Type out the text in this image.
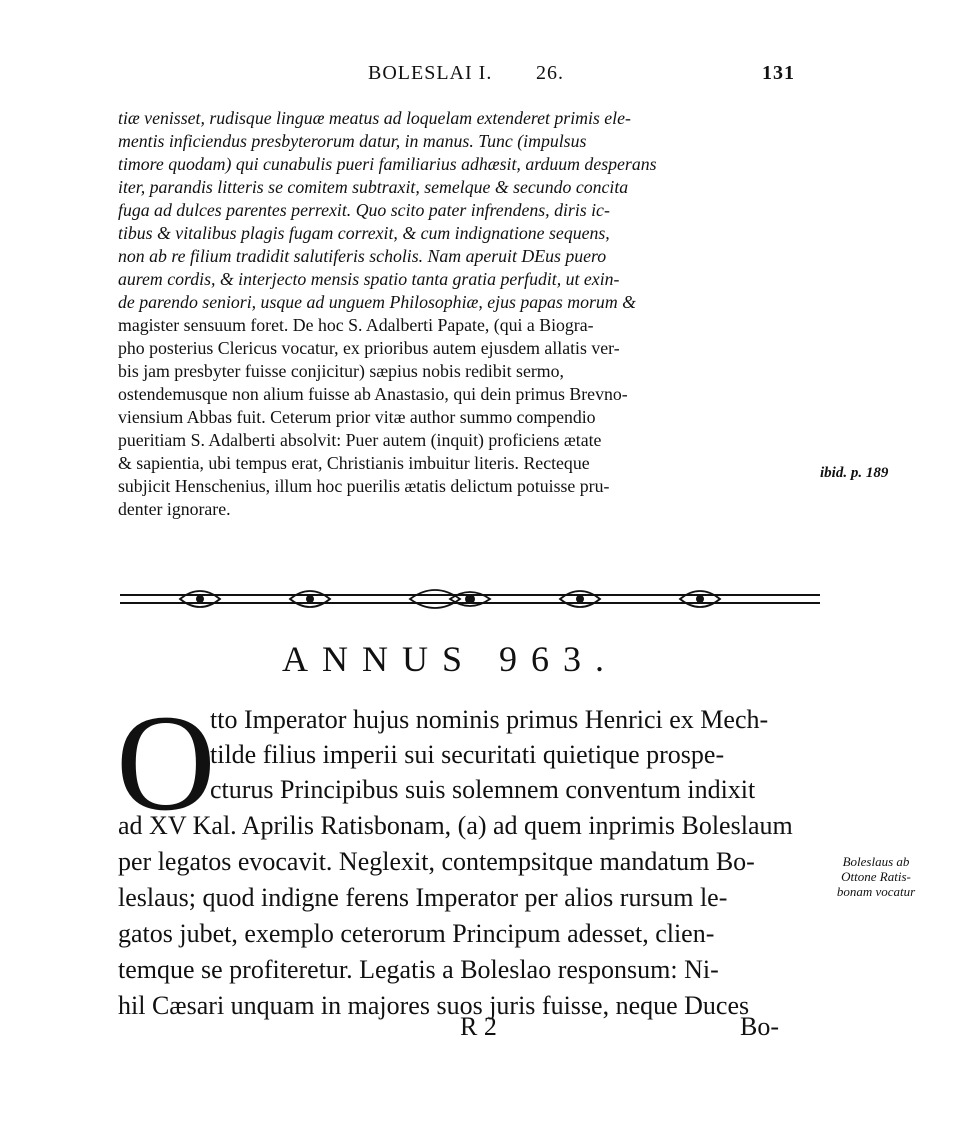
BOLESLAI I. 26.	131
tiæ venisset, rudisque linguæ meatus ad loquelam extenderet primis ele-
mentis inficiendus presbyterorum datur, in manus. Tunc (impulsus
timore quodam) qui cunabulis pueri familiarius adhæsit, arduum desperans
iter, parandis litteris se comitem subtraxit, semelque & secundo concita
fuga ad dulces parentes perrexit. Quo scito pater infrendens, diris ic-
tibus & vitalibus plagis fugam correxit, & cum indignatione sequens,
non ab re filium tradidit salutiferis scholis. Nam aperuit DEus puero
aurem cordis, & interjecto mensis spatio tanta gratia perfudit, ut exin-
de parendo seniori, usque ad unguem Philosophiæ, ejus papas morum &
magister sensuum foret. De hoc S. Adalberti Papate, (qui a Biogra-
pho posterius Clericus vocatur, ex prioribus autem ejusdem allatis ver-
bis jam presbyter fuisse conjicitur) sæpius nobis redibit sermo,
ostendemusque non alium fuisse ab Anastasio, qui dein primus Brevno-
viensium Abbas fuit. Ceterum prior vitæ author summo compendio
pueritiam S. Adalberti absolvit: Puer autem (inquit) proficiens ætate
& sapientia, ubi tempus erat, Christianis imbuitur literis. Recteque
subjicit Henschenius, illum hoc puerilis ætatis delictum potuisse pru-
denter ignorare.
ibid. p. 189
ANNUS 963.
O
tto Imperator hujus nominis primus Henrici ex Mech-
tilde filius imperii sui securitati quietique prospe-
cturus Principibus suis solemnem conventum indixit
ad XV Kal. Aprilis Ratisbonam, (a) ad quem inprimis Boleslaum
per legatos evocavit. Neglexit, contempsitque mandatum Bo-
leslaus; quod indigne ferens Imperator per alios rursum le-
gatos jubet, exemplo ceterorum Principum adesset, clien-
temque se profiteretur. Legatis a Boleslao responsum: Ni-
hil Cæsari unquam in majores suos juris fuisse, neque Duces
Boleslaus ab
Ottone Ratis-
bonam vocatur
R 2	Bo-
